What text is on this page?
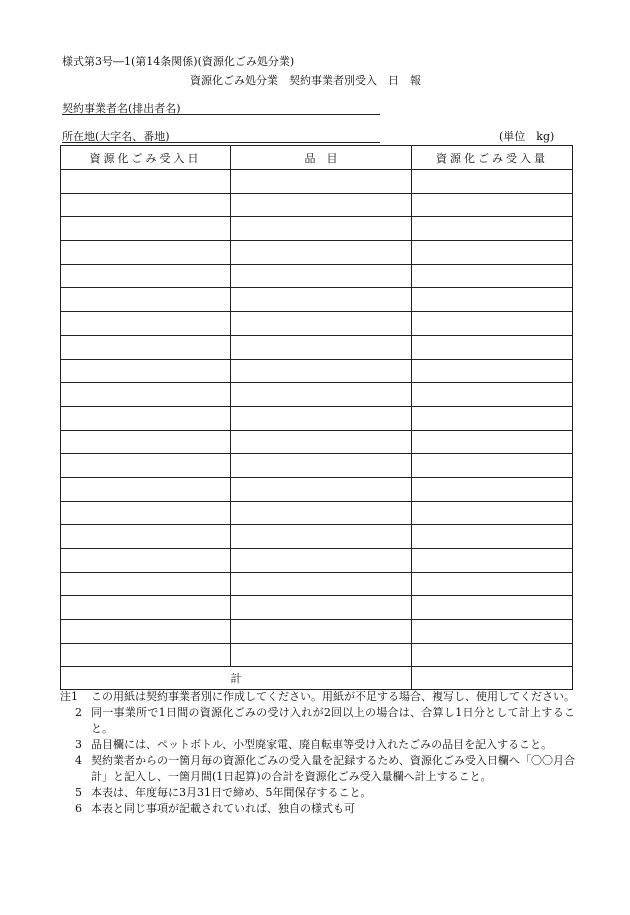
様式第3号―1(第14条関係)(資源化ごみ処分業)
資源化ごみ処分業　契約事業者別受入　日　報
契約事業者名(排出者名)
所在地(大字名、番地)	(単位　kg)
資源化ごみ受入日	品　目	資源化ごみ受入量

計		
注1	この用紙は契約事業者別に作成してください。用紙が不足する場合、複写し、使用してください。
2 同一事業所で1日間の資源化ごみの受け入れが2回以上の場合は、合算し1日分として計上すること。
3 品目欄には、ペットボトル、小型廃家電、廃自転車等受け入れたごみの品目を記入すること。
4 契約業者からの一箇月毎の資源化ごみの受入量を記録するため、資源化ごみ受入日欄へ「〇〇月合計」と記入し、一箇月間(1日起算)の合計を資源化ごみ受入量欄へ計上すること。
5 本表は、年度毎に3月31日で締め、5年間保存すること。
6 本表と同じ事項が記載されていれば、独自の様式も可
